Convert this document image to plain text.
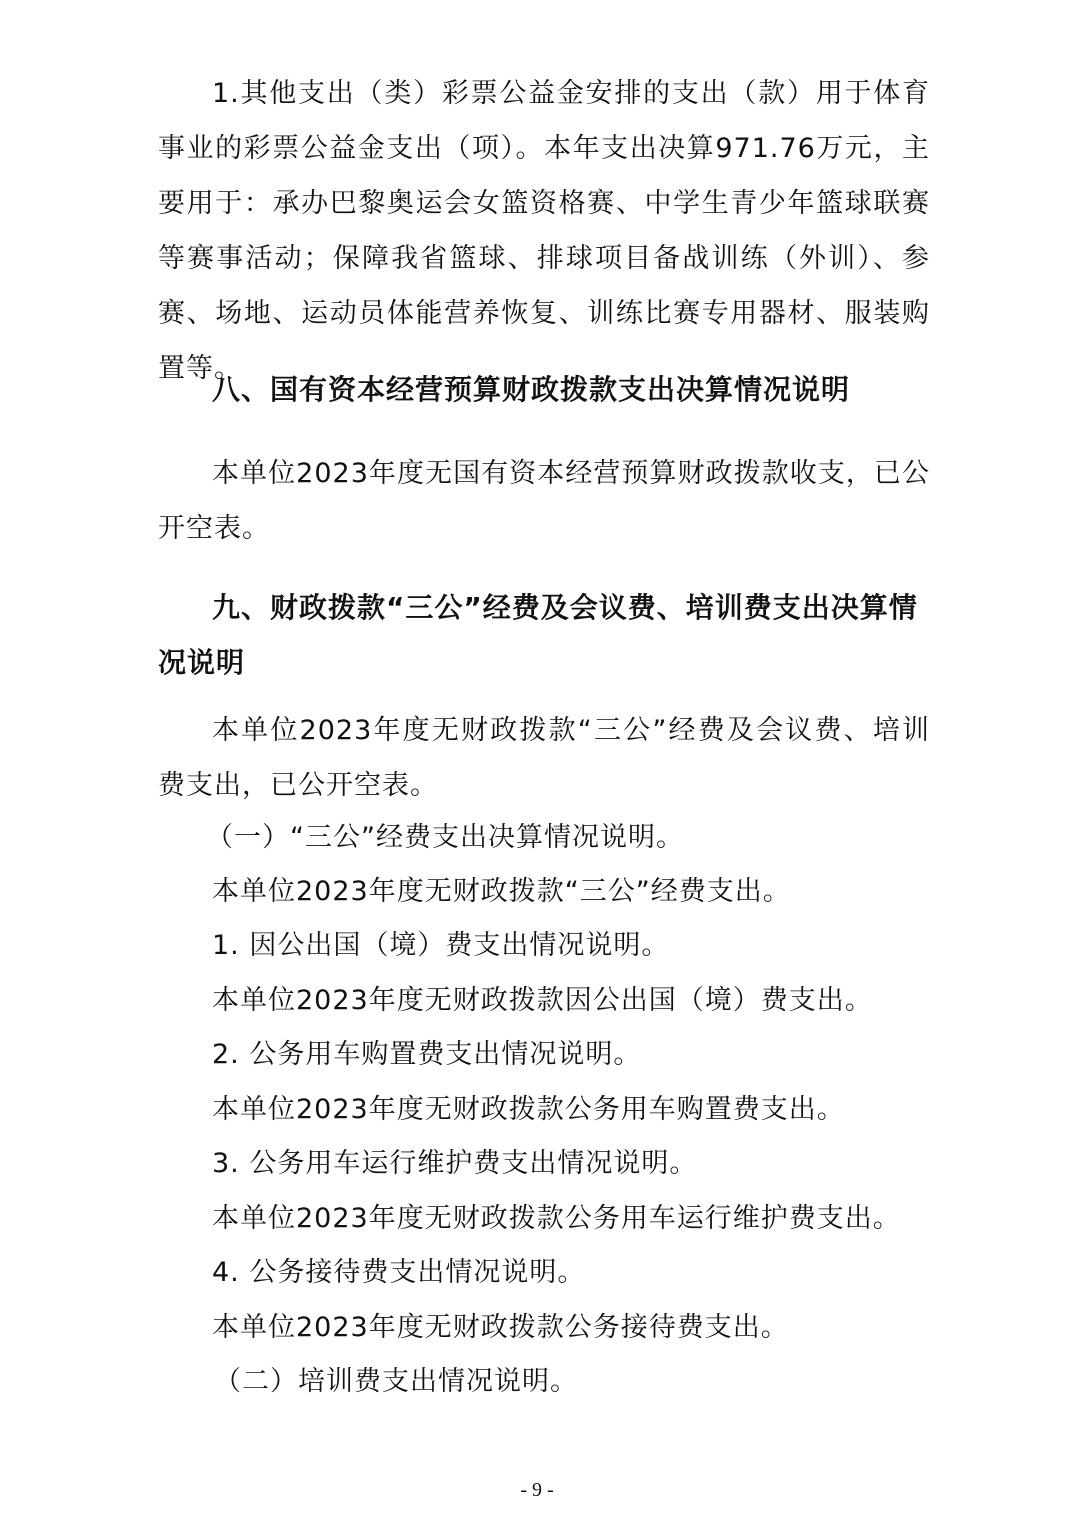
1.其他支出（类）彩票公益金安排的支出（款）用于体育事业的彩票公益金支出（项）。本年支出决算971.76万元，主要用于：承办巴黎奥运会女篮资格赛、中学生青少年篮球联赛等赛事活动；保障我省篮球、排球项目备战训练（外训）、参赛、场地、运动员体能营养恢复、训练比赛专用器材、服装购置等。

八、国有资本经营预算财政拨款支出决算情况说明

本单位2023年度无国有资本经营预算财政拨款收支，已公开空表。

九、财政拨款“三公”经费及会议费、培训费支出决算情况说明

本单位2023年度无财政拨款“三公”经费及会议费、培训费支出，已公开空表。

（一）“三公”经费支出决算情况说明。

本单位2023年度无财政拨款“三公”经费支出。

1. 因公出国（境）费支出情况说明。

本单位2023年度无财政拨款因公出国（境）费支出。

2. 公务用车购置费支出情况说明。

本单位2023年度无财政拨款公务用车购置费支出。

3. 公务用车运行维护费支出情况说明。

本单位2023年度无财政拨款公务用车运行维护费支出。

4. 公务接待费支出情况说明。

本单位2023年度无财政拨款公务接待费支出。

（二）培训费支出情况说明。

- 9 -
